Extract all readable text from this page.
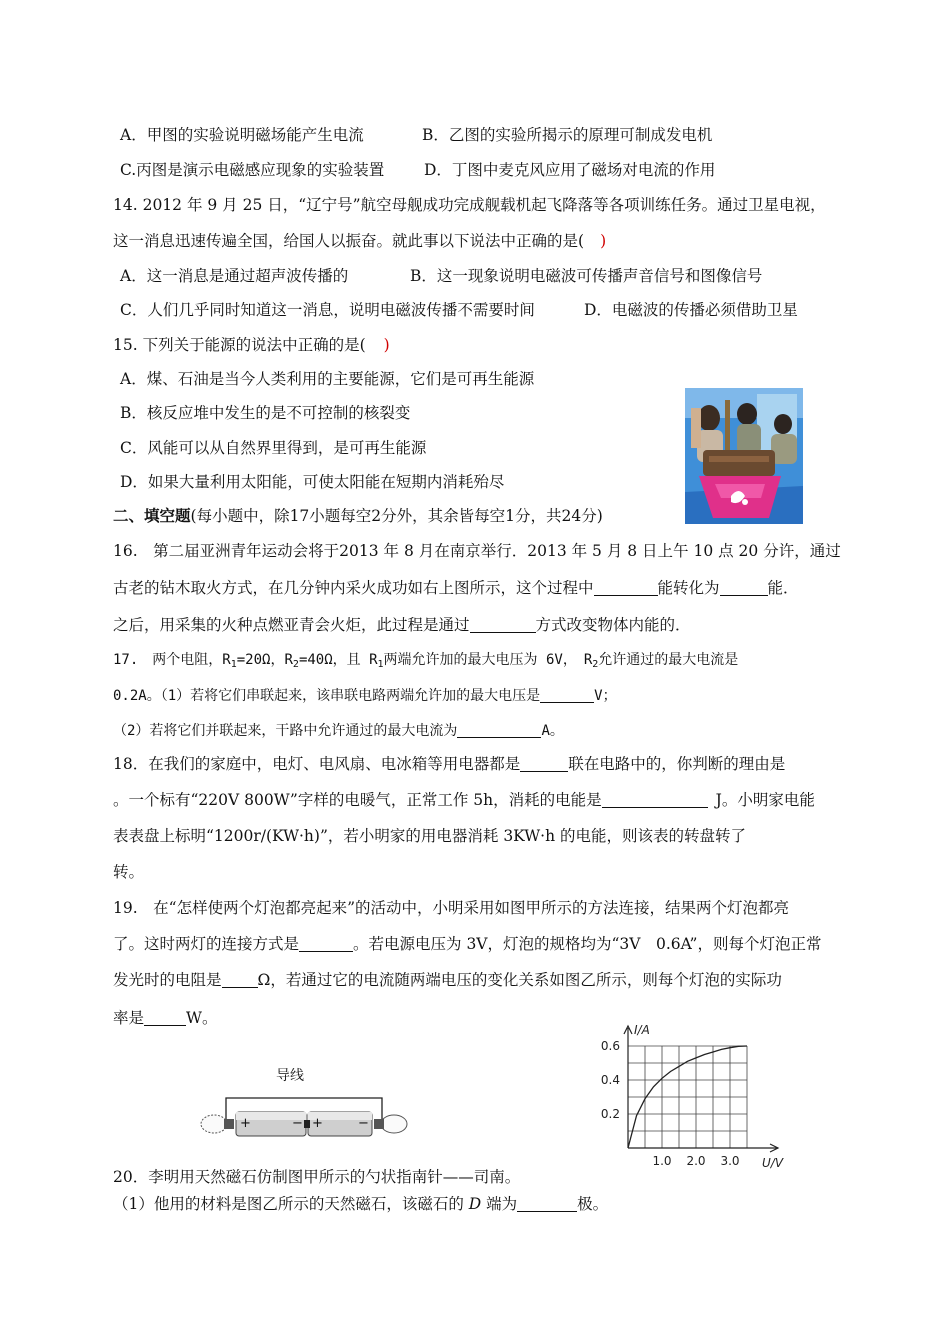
A．甲图的实验说明磁场能产生电流	B．乙图的实验所揭示的原理可制成发电机
C.丙图是演示电磁感应现象的实验装置	D．丁图中麦克风应用了磁场对电流的作用
14. 2012 年 9 月 25 日，“辽宁号”航空母舰成功完成舰载机起飞降落等各项训练任务。通过卫星电视，
这一消息迅速传遍全国，给国人以振奋。就此事以下说法中正确的是( )
A．这一消息是通过超声波传播的	B．这一现象说明电磁波可传播声音信号和图像信号
C．人们几乎同时知道这一消息，说明电磁波传播不需要时间	D．电磁波的传播必须借助卫星
15. 下列关于能源的说法中正确的是( )
A．煤、石油是当今人类利用的主要能源，它们是可再生能源
B．核反应堆中发生的是不可控制的核裂变
C．风能可以从自然界里得到，是可再生能源
D．如果大量利用太阳能，可使太阳能在短期内消耗殆尽
二、填空题(每小题中，除17小题每空2分外，其余皆每空1分，共24分)
16.　第二届亚洲青年运动会将于2013 年 8 月在南京举行．2013 年 5 月 8 日上午 10 点 20 分许，通过
古老的钻木取火方式，在几分钟内采火成功如右上图所示，这个过程中	能转化为	能．
之后，用采集的火种点燃亚青会火炬，此过程是通过	方式改变物体内能的．
17.　两个电阻，$R_1=20\Omega$，$R_2=40\Omega$，且 $R_1$两端允许加的最大电压为 6V，　$R_2$允许通过的最大电流是
0.2A。（1）若将它们串联起来，该串联电路两端允许加的最大电压是	V；
（2）若将它们并联起来，干路中允许通过的最大电流为	A。
18．在我们的家庭中，电灯、电风扇、电冰箱等用电器都是	联在电路中的，你判断的理由是
。一个标有“220V 800W”字样的电暖气，正常工作 5h，消耗的电能是	J。小明家电能
表表盘上标明“1200r/(KW·h)”，若小明家的用电器消耗 3KW·h 的电能，则该表的转盘转了
转。
19.　在“怎样使两个灯泡都亮起来”的活动中，小明采用如图甲所示的方法连接，结果两个灯泡都亮
了。这时两灯的连接方式是	。若电源电压为 3V，灯泡的规格均为“3V　0.6A”，则每个灯泡正常
发光时的电阻是 Ω，若通过它的电流随两端电压的变化关系如图乙所示，则每个灯泡的实际功
率是	W。
导线
+	− +	−
0.6
0.4
0.2
1.0 2.0 3.0
I/A
U/V
20．李明用天然磁石仿制图甲所示的勺状指南针——司南。
（1）他用的材料是图乙所示的天然磁石，该磁石的 D 端为	极。
